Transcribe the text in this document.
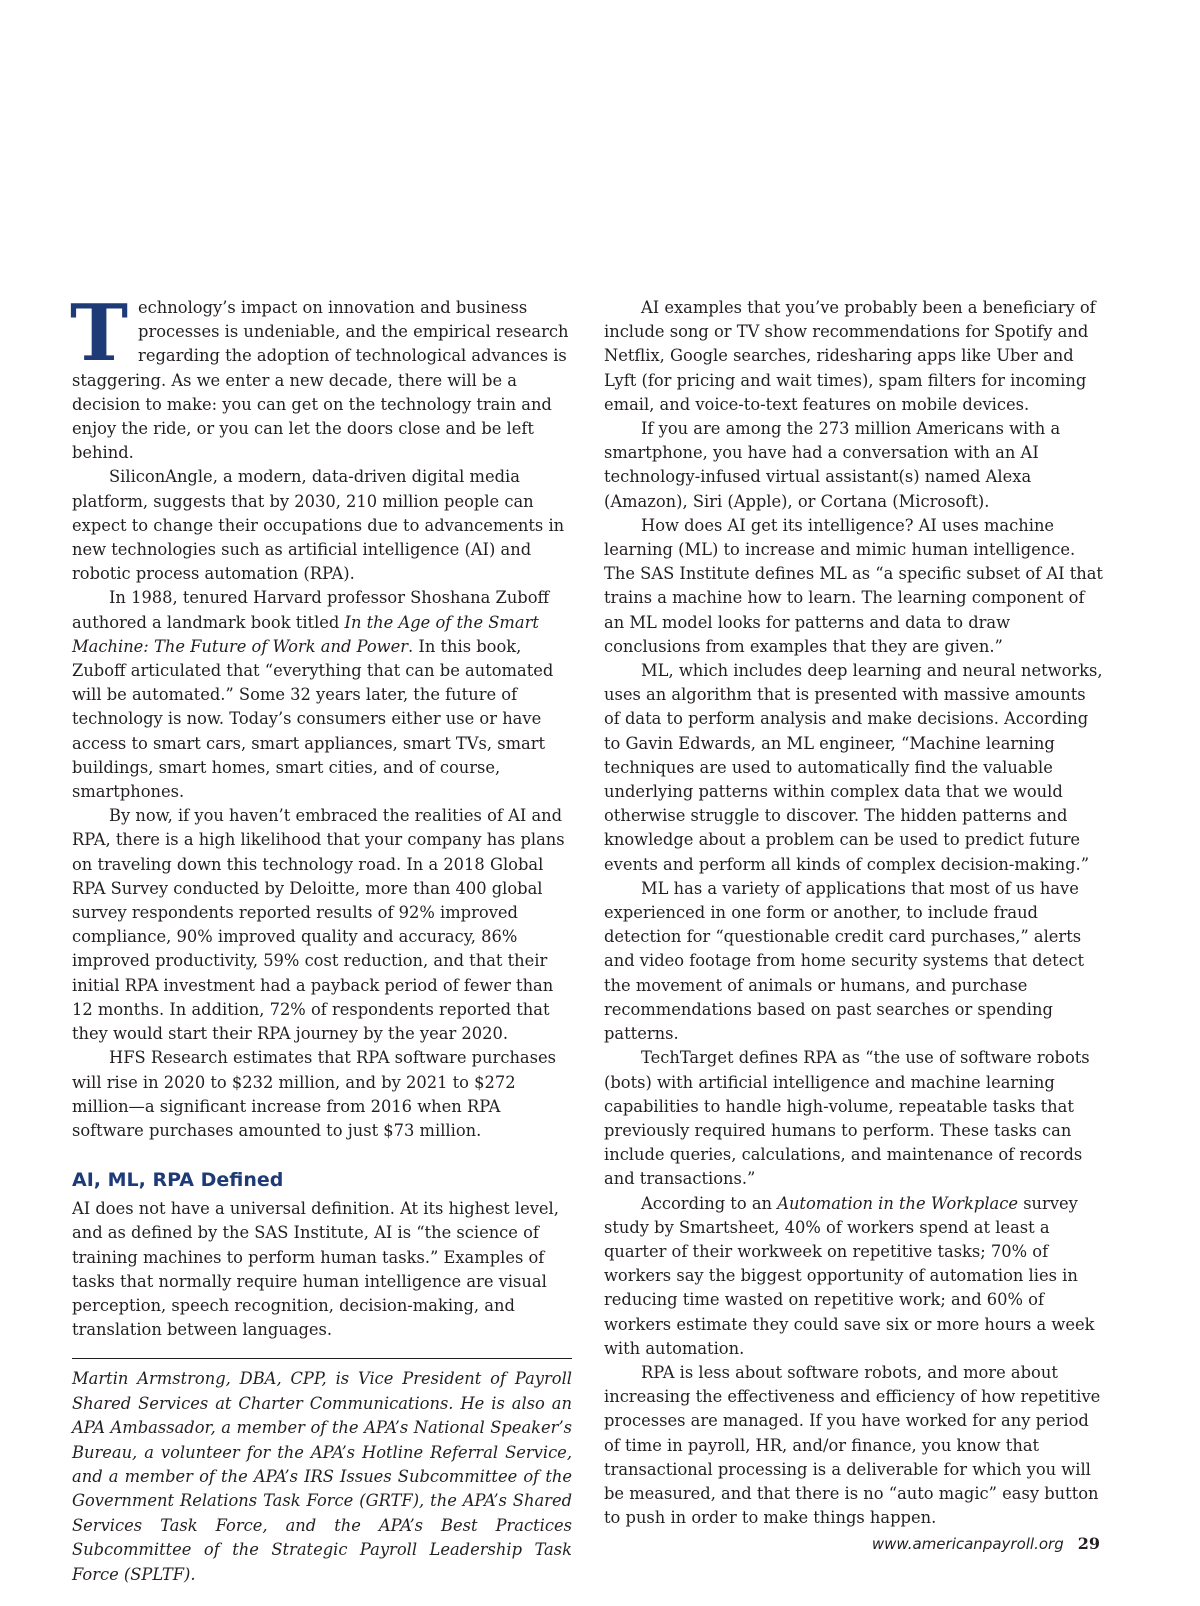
Technology’s impact on innovation and business processes is undeniable, and the empirical research regarding the adoption of technological advances is staggering. As we enter a new decade, there will be a decision to make: you can get on the technology train and enjoy the ride, or you can let the doors close and be left behind.

SiliconAngle, a modern, data-driven digital media platform, suggests that by 2030, 210 million people can expect to change their occupations due to advancements in new technologies such as artificial intelligence (AI) and robotic process automation (RPA).

In 1988, tenured Harvard professor Shoshana Zuboff authored a landmark book titled In the Age of the Smart Machine: The Future of Work and Power. In this book, Zuboff articulated that “everything that can be automated will be automated.” Some 32 years later, the future of technology is now. Today’s consumers either use or have access to smart cars, smart appliances, smart TVs, smart buildings, smart homes, smart cities, and of course, smartphones.

By now, if you haven’t embraced the realities of AI and RPA, there is a high likelihood that your company has plans on traveling down this technology road. In a 2018 Global RPA Survey conducted by Deloitte, more than 400 global survey respondents reported results of 92% improved compliance, 90% improved quality and accuracy, 86% improved productivity, 59% cost reduction, and that their initial RPA investment had a payback period of fewer than 12 months. In addition, 72% of respondents reported that they would start their RPA journey by the year 2020.

HFS Research estimates that RPA software purchases will rise in 2020 to $232 million, and by 2021 to $272 million—a significant increase from 2016 when RPA software purchases amounted to just $73 million.

AI, ML, RPA Defined

AI does not have a universal definition. At its highest level, and as defined by the SAS Institute, AI is “the science of training machines to perform human tasks.” Examples of tasks that normally require human intelligence are visual perception, speech recognition, decision-making, and translation between languages.

Martin Armstrong, DBA, CPP, is Vice President of Payroll Shared Services at Charter Communications. He is also an APA Ambassador, a member of the APA’s National Speaker’s Bureau, a volunteer for the APA’s Hotline Referral Service, and a member of the APA’s IRS Issues Subcommittee of the Government Relations Task Force (GRTF), the APA’s Shared Services Task Force, and the APA’s Best Practices Subcommittee of the Strategic Payroll Leadership Task Force (SPLTF).

AI examples that you’ve probably been a beneficiary of include song or TV show recommendations for Spotify and Netflix, Google searches, ridesharing apps like Uber and Lyft (for pricing and wait times), spam filters for incoming email, and voice-to-text features on mobile devices.

If you are among the 273 million Americans with a smartphone, you have had a conversation with an AI technology-infused virtual assistant(s) named Alexa (Amazon), Siri (Apple), or Cortana (Microsoft).

How does AI get its intelligence? AI uses machine learning (ML) to increase and mimic human intelligence. The SAS Institute defines ML as “a specific subset of AI that trains a machine how to learn. The learning component of an ML model looks for patterns and data to draw conclusions from examples that they are given.”

ML, which includes deep learning and neural networks, uses an algorithm that is presented with massive amounts of data to perform analysis and make decisions. According to Gavin Edwards, an ML engineer, “Machine learning techniques are used to automatically find the valuable underlying patterns within complex data that we would otherwise struggle to discover. The hidden patterns and knowledge about a problem can be used to predict future events and perform all kinds of complex decision-making.”

ML has a variety of applications that most of us have experienced in one form or another, to include fraud detection for “questionable credit card purchases,” alerts and video footage from home security systems that detect the movement of animals or humans, and purchase recommendations based on past searches or spending patterns.

TechTarget defines RPA as “the use of software robots (bots) with artificial intelligence and machine learning capabilities to handle high-volume, repeatable tasks that previously required humans to perform. These tasks can include queries, calculations, and maintenance of records and transactions.”

According to an Automation in the Workplace survey study by Smartsheet, 40% of workers spend at least a quarter of their workweek on repetitive tasks; 70% of workers say the biggest opportunity of automation lies in reducing time wasted on repetitive work; and 60% of workers estimate they could save six or more hours a week with automation.

RPA is less about software robots, and more about increasing the effectiveness and efficiency of how repetitive processes are managed. If you have worked for any period of time in payroll, HR, and/or finance, you know that transactional processing is a deliverable for which you will be measured, and that there is no “auto magic” easy button to push in order to make things happen.

www.americanpayroll.org 29
